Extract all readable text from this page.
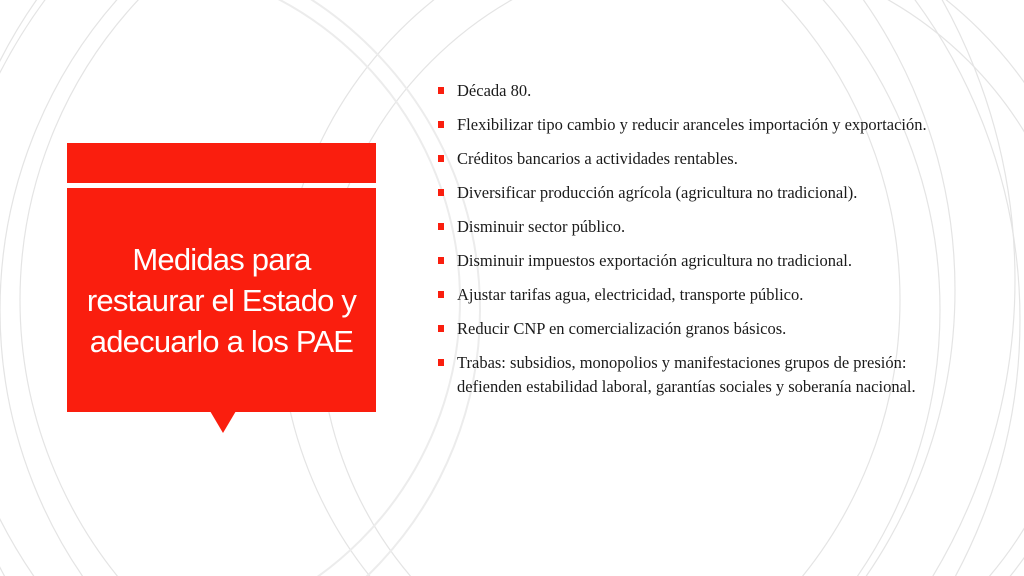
Medidas para restaurar el Estado y adecuarlo a los PAE
Década 80.
Flexibilizar tipo cambio y reducir aranceles importación y exportación.
Créditos bancarios a actividades rentables.
Diversificar producción agrícola (agricultura no tradicional).
Disminuir sector público.
Disminuir impuestos exportación agricultura no tradicional.
Ajustar tarifas agua, electricidad, transporte público.
Reducir CNP en comercialización granos básicos.
Trabas: subsidios, monopolios y manifestaciones grupos de presión: defienden estabilidad laboral, garantías sociales y soberanía nacional.
